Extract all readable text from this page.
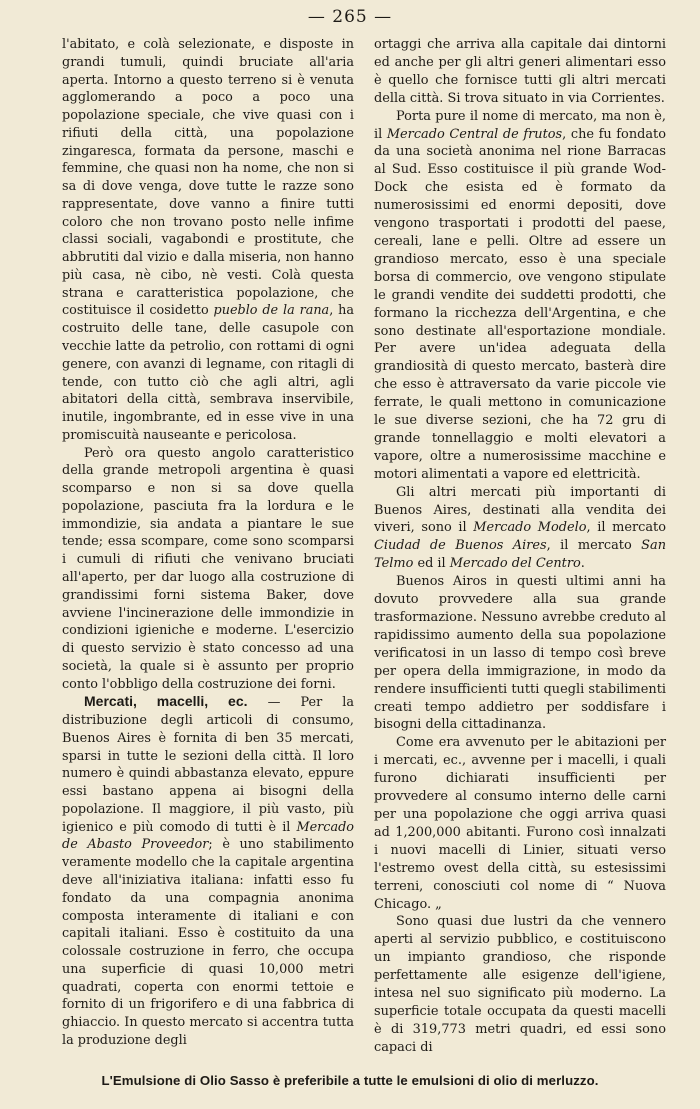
— 265 —

l'abitato, e colà selezionate, e disposte in grandi tumuli, quindi bruciate all'aria aperta. Intorno a questo terreno si è venuta agglomerando a poco a poco una popolazione speciale, che vive quasi con i rifiuti della città, una popolazione zingaresca, formata da persone, maschi e femmine, che quasi non ha nome, che non si sa di dove venga, dove tutte le razze sono rappresentate, dove vanno a finire tutti coloro che non trovano posto nelle infime classi sociali, vagabondi e prostitute, che abbrutiti dal vizio e dalla miseria, non hanno più casa, nè cibo, nè vesti. Colà questa strana e caratteristica popolazione, che costituisce il cosidetto pueblo de la rana, ha costruito delle tane, delle casupole con vecchie latte da petrolio, con rottami di ogni genere, con avanzi di legname, con ritagli di tende, con tutto ciò che agli altri, agli abitatori della città, sembrava inservibile, inutile, ingombrante, ed in esse vive in una promiscuità nauseante e pericolosa.

Però ora questo angolo caratteristico della grande metropoli argentina è quasi scomparso e non si sa dove quella popolazione, pasciuta fra la lordura e le immondizie, sia andata a piantare le sue tende; essa scompare, come sono scomparsi i cumuli di rifiuti che venivano bruciati all'aperto, per dar luogo alla costruzione di grandissimi forni sistema Baker, dove avviene l'incinerazione delle immondizie in condizioni igieniche e moderne. L'esercizio di questo servizio è stato concesso ad una società, la quale si è assunto per proprio conto l'obbligo della costruzione dei forni.

Mercati, macelli, ec. — Per la distribuzione degli articoli di consumo, Buenos Aires è fornita di ben 35 mercati, sparsi in tutte le sezioni della città. Il loro numero è quindi abbastanza elevato, eppure essi bastano appena ai bisogni della popolazione. Il maggiore, il più vasto, più igienico e più comodo di tutti è il Mercado de Abasto Proveedor; è uno stabilimento veramente modello che la capitale argentina deve all'iniziativa italiana: infatti esso fu fondato da una compagnia anonima composta interamente di italiani e con capitali italiani. Esso è costituito da una colossale costruzione in ferro, che occupa una superficie di quasi 10,000 metri quadrati, coperta con enormi tettoie e fornito di un frigorifero e di una fabbrica di ghiaccio. In questo mercato si accentra tutta la produzione degli

ortaggi che arriva alla capitale dai dintorni ed anche per gli altri generi alimentari esso è quello che fornisce tutti gli altri mercati della città. Si trova situato in via Corrientes.

Porta pure il nome di mercato, ma non è, il Mercado Central de frutos, che fu fondato da una società anonima nel rione Barracas al Sud. Esso costituisce il più grande Wod-Dock che esista ed è formato da numerosissimi ed enormi depositi, dove vengono trasportati i prodotti del paese, cereali, lane e pelli. Oltre ad essere un grandioso mercato, esso è una speciale borsa di commercio, ove vengono stipulate le grandi vendite dei suddetti prodotti, che formano la ricchezza dell'Argentina, e che sono destinate all'esportazione mondiale. Per avere un'idea adeguata della grandiosità di questo mercato, basterà dire che esso è attraversato da varie piccole vie ferrate, le quali mettono in comunicazione le sue diverse sezioni, che ha 72 gru di grande tonnellaggio e molti elevatori a vapore, oltre a numerosissime macchine e motori alimentati a vapore ed elettricità.

Gli altri mercati più importanti di Buenos Aires, destinati alla vendita dei viveri, sono il Mercado Modelo, il mercato Ciudad de Buenos Aires, il mercato San Telmo ed il Mercado del Centro.

Buenos Airos in questi ultimi anni ha dovuto provvedere alla sua grande trasformazione. Nessuno avrebbe creduto al rapidissimo aumento della sua popolazione verificatosi in un lasso di tempo così breve per opera della immigrazione, in modo da rendere insufficienti tutti quegli stabilimenti creati tempo addietro per soddisfare i bisogni della cittadinanza.

Come era avvenuto per le abitazioni per i mercati, ec., avvenne per i macelli, i quali furono dichiarati insufficienti per provvedere al consumo interno delle carni per una popolazione che oggi arriva quasi ad 1,200,000 abitanti. Furono così innalzati i nuovi macelli di Linier, situati verso l'estremo ovest della città, su estesissimi terreni, conosciuti col nome di “ Nuova Chicago. „

Sono quasi due lustri da che vennero aperti al servizio pubblico, e costituiscono un impianto grandioso, che risponde perfettamente alle esigenze dell'igiene, intesa nel suo significato più moderno. La superficie totale occupata da questi macelli è di 319,773 metri quadri, ed essi sono capaci di

L'Emulsione di Olio Sasso è preferibile a tutte le emulsioni di olio di merluzzo.
